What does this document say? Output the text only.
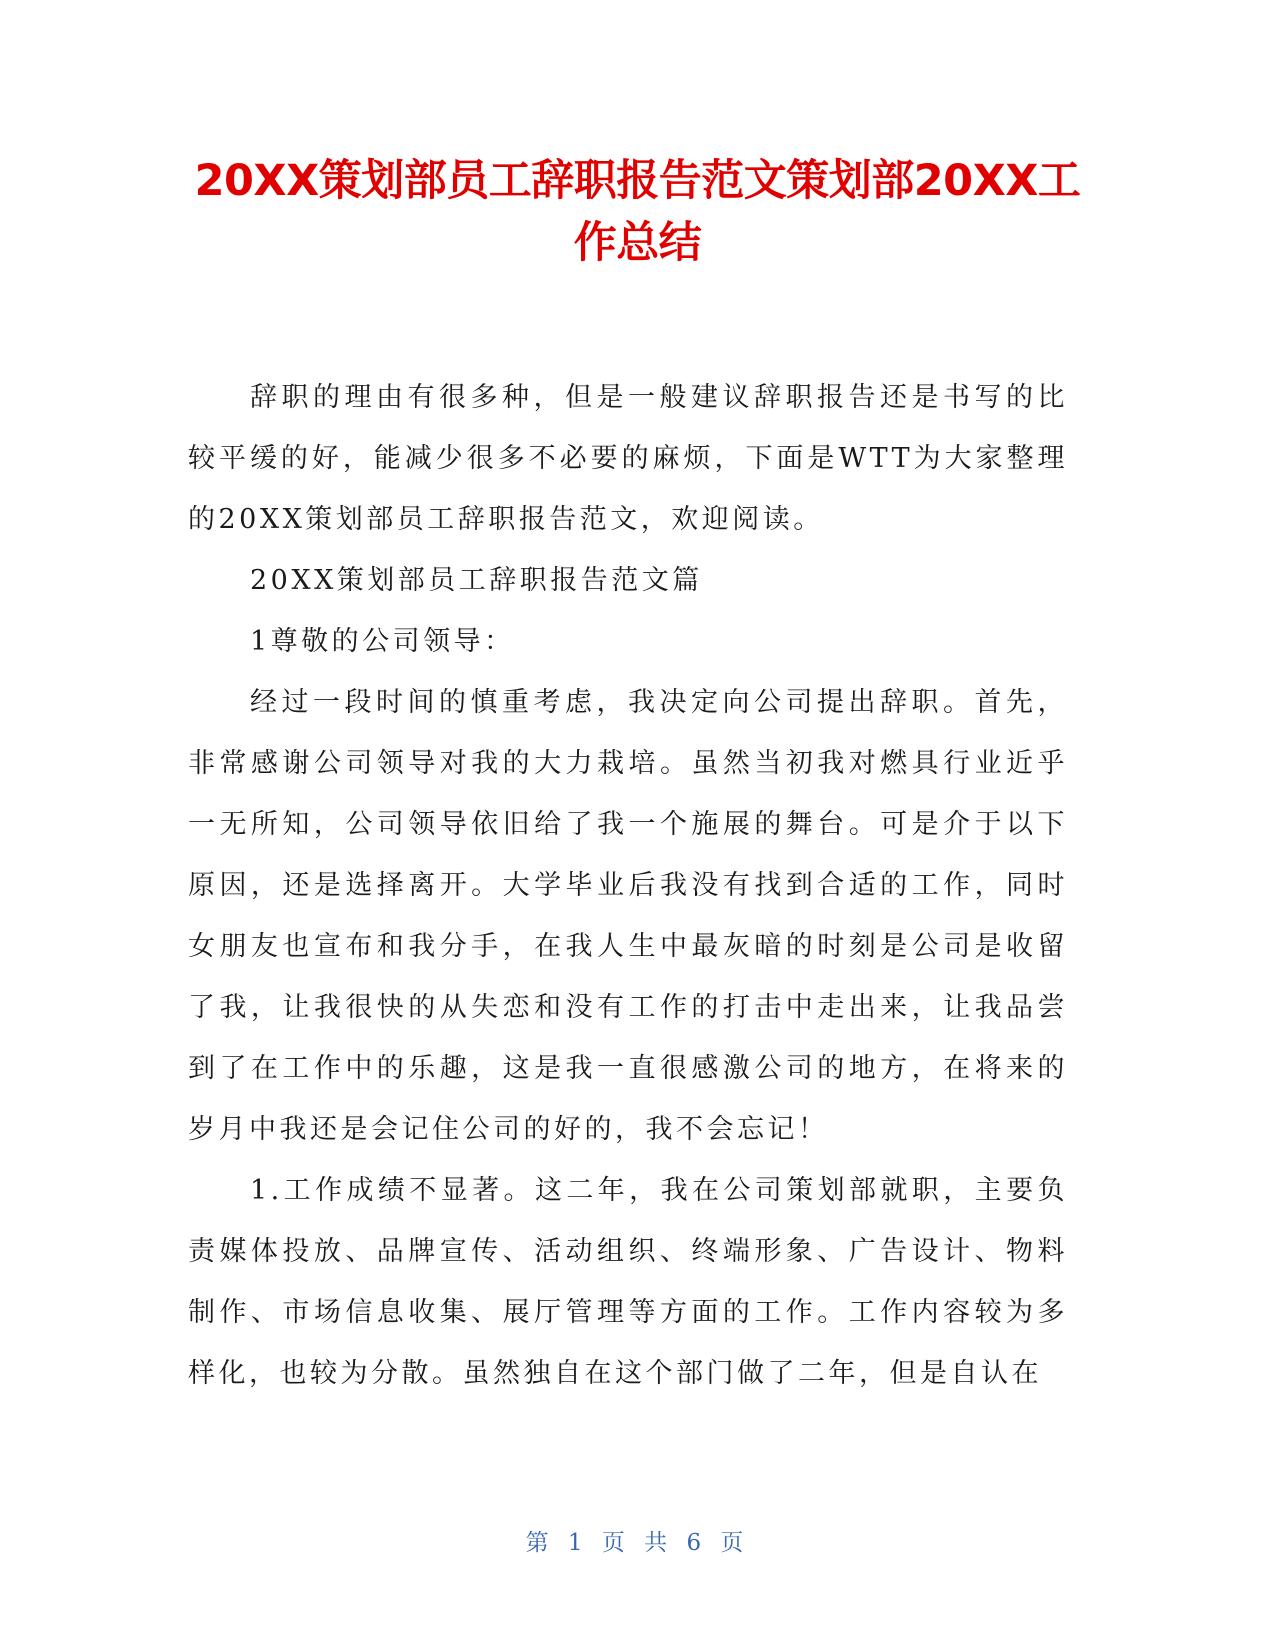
20XX策划部员工辞职报告范文策划部20XX工
作总结

辞职的理由有很多种，但是一般建议辞职报告还是书写的比较平缓的好，能减少很多不必要的麻烦，下面是WTT为大家整理的20XX策划部员工辞职报告范文，欢迎阅读。

20XX策划部员工辞职报告范文篇

1尊敬的公司领导：

经过一段时间的慎重考虑，我决定向公司提出辞职。首先，非常感谢公司领导对我的大力栽培。虽然当初我对燃具行业近乎一无所知，公司领导依旧给了我一个施展的舞台。可是介于以下原因，还是选择离开。大学毕业后我没有找到合适的工作，同时女朋友也宣布和我分手，在我人生中最灰暗的时刻是公司是收留了我，让我很快的从失恋和没有工作的打击中走出来，让我品尝到了在工作中的乐趣，这是我一直很感激公司的地方，在将来的岁月中我还是会记住公司的好的，我不会忘记！

1.工作成绩不显著。这二年，我在公司策划部就职，主要负责媒体投放、品牌宣传、活动组织、终端形象、广告设计、物料制作、市场信息收集、展厅管理等方面的工作。工作内容较为多样化，也较为分散。虽然独自在这个部门做了二年，但是自认在

第 1 页 共 6 页
